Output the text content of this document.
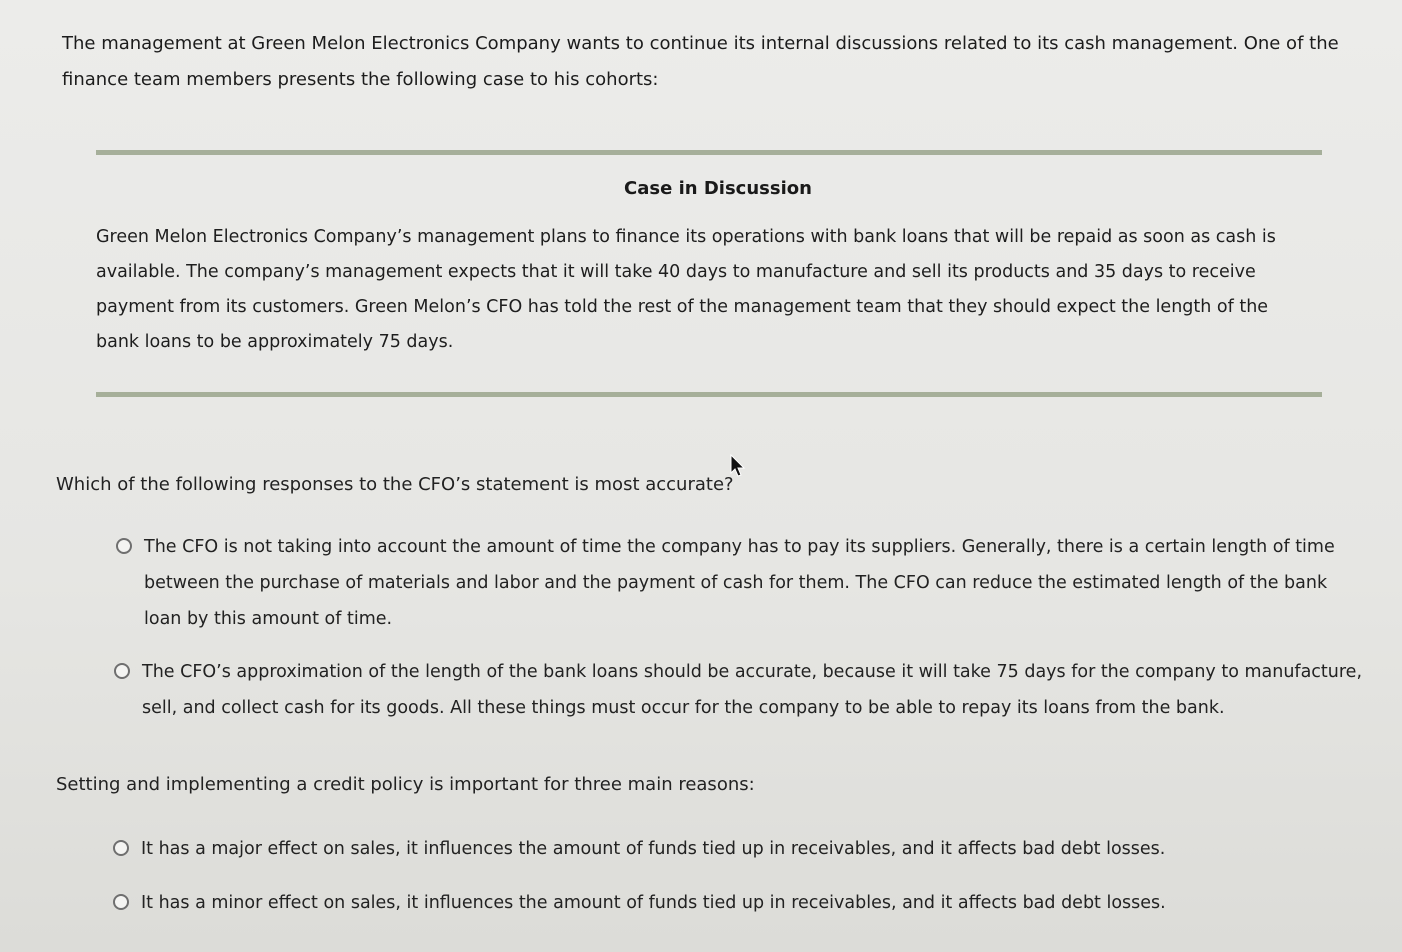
The management at Green Melon Electronics Company wants to continue its internal discussions related to its cash management. One of the finance team members presents the following case to his cohorts:
Case in Discussion
Green Melon Electronics Company’s management plans to finance its operations with bank loans that will be repaid as soon as cash is available. The company’s management expects that it will take 40 days to manufacture and sell its products and 35 days to receive payment from its customers. Green Melon’s CFO has told the rest of the management team that they should expect the length of the bank loans to be approximately 75 days.
Which of the following responses to the CFO’s statement is most accurate?
The CFO is not taking into account the amount of time the company has to pay its suppliers. Generally, there is a certain length of time between the purchase of materials and labor and the payment of cash for them. The CFO can reduce the estimated length of the bank loan by this amount of time.
The CFO’s approximation of the length of the bank loans should be accurate, because it will take 75 days for the company to manufacture, sell, and collect cash for its goods. All these things must occur for the company to be able to repay its loans from the bank.
Setting and implementing a credit policy is important for three main reasons:
It has a major effect on sales, it influences the amount of funds tied up in receivables, and it affects bad debt losses.
It has a minor effect on sales, it influences the amount of funds tied up in receivables, and it affects bad debt losses.
